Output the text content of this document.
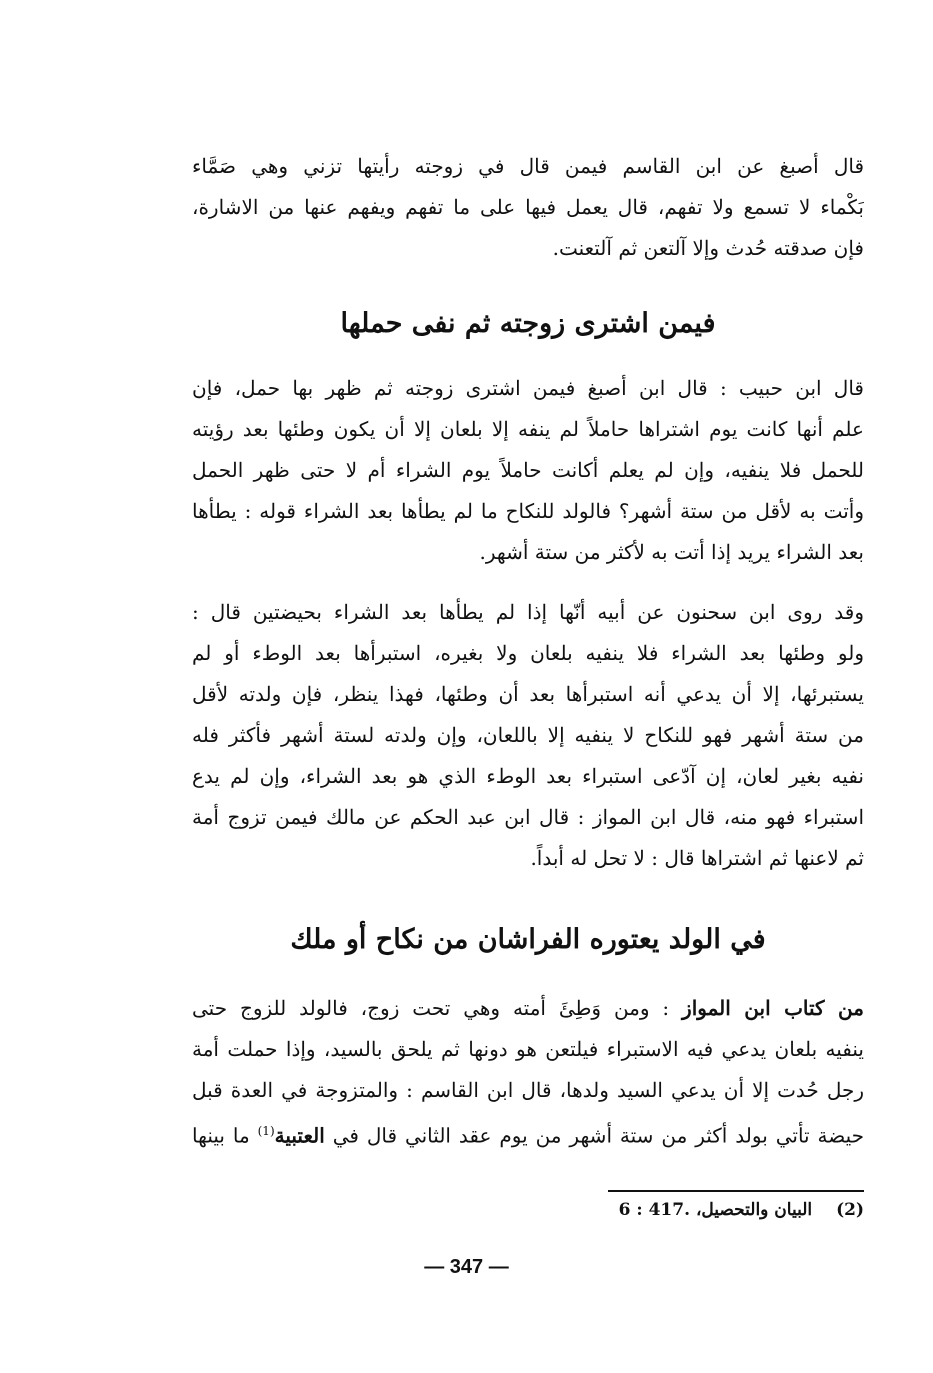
قال أصبغ عن ابن القاسم فيمن قال في زوجته رأيتها تزني وهي صَمَّاء
بَكْماء لا تسمع ولا تفهم، قال يعمل فيها على ما تفهم ويفهم عنها من الاشارة،
فإن صدقته حُدث وإلا آلتعن ثم آلتعنت.
فيمن اشترى زوجته ثم نفى حملها
قال ابن حبيب : قال ابن أصبغ فيمن اشترى زوجته ثم ظهر بها حمل، فإن
علم أنها كانت يوم اشتراها حاملاً لم ينفه إلا بلعان إلا أن يكون وطئها بعد رؤيته
للحمل فلا ينفيه، وإن لم يعلم أكانت حاملاً يوم الشراء أم لا حتى ظهر الحمل
وأتت به لأقل من ستة أشهر؟ فالولد للنكاح ما لم يطأها بعد الشراء قوله : يطأها
بعد الشراء يريد إذا أتت به لأكثر من ستة أشهر.
وقد روى ابن سحنون عن أبيه أنّها إذا لم يطأها بعد الشراء بحيضتين قال :
ولو وطئها بعد الشراء فلا ينفيه بلعان ولا بغيره، استبرأها بعد الوطء أو لم
يستبرئها، إلا أن يدعي أنه استبرأها بعد أن وطئها، فهذا ينظر، فإن ولدته لأقل
من ستة أشهر فهو للنكاح لا ينفيه إلا باللعان، وإن ولدته لستة أشهر فأكثر فله
نفيه بغير لعان، إن آدّعى استبراء بعد الوطء الذي هو بعد الشراء، وإن لم يدع
استبراء فهو منه، قال ابن المواز : قال ابن عبد الحكم عن مالك فيمن تزوج أمة
ثم لاعنها ثم اشتراها قال : لا تحل له أبداً.
في الولد يعتوره الفراشان من نكاح أو ملك
من كتاب ابن المواز : ومن وَطِئَ أمته وهي تحت زوج، فالولد للزوج حتى
ينفيه بلعان يدعي فيه الاستبراء فيلتعن هو دونها ثم يلحق بالسيد، وإذا حملت أمة
رجل حُدت إلا أن يدعي السيد ولدها، قال ابن القاسم : والمتزوجة في العدة قبل
حيضة تأتي بولد أكثر من ستة أشهر من يوم عقد الثاني قال في العتبية$^{(1)}$ ما بينها
(2) البيان والتحصيل، 6 : 417.
— 347 —
